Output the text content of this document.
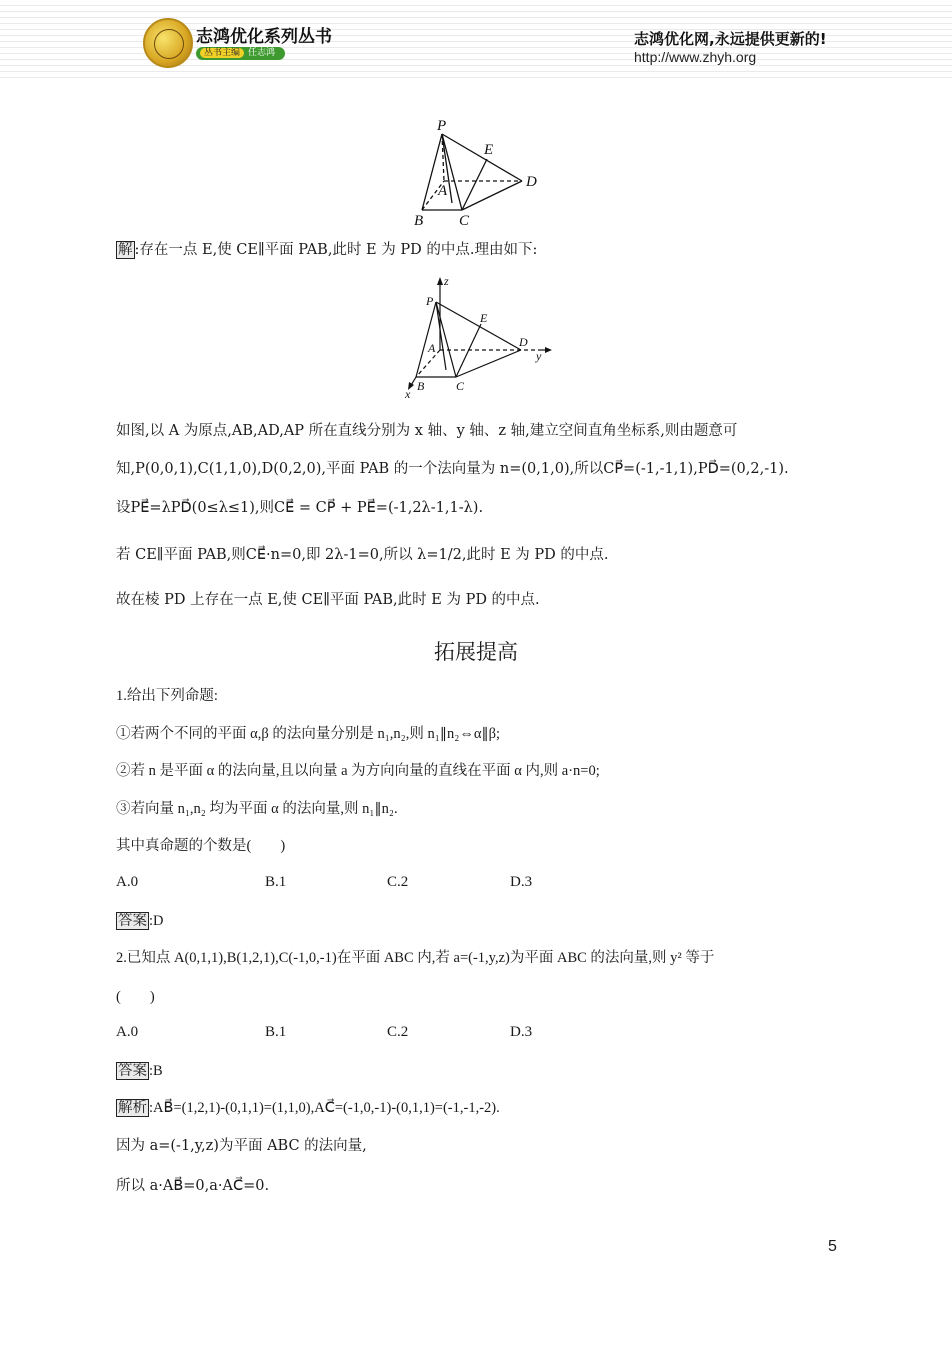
志鸿优化系列丛书
丛书主编 任志鸿
志鸿优化网,永远提供更新的!
http://www.zhyh.org
P
E
D
A
B C
解 :存在一点 E,使 CE∥平面 PAB,此时 E 为 PD 的中点.理由如下:
z
P
E
A	D
y
x
B	C
如图,以 A 为原点,AB,AD,AP 所在直线分别为 x 轴、y 轴、z 轴,建立空间直角坐标系,则由题意可
知,P(0,0,1),C(1,1,0),D(0,2,0),平面 PAB 的一个法向量为 n=(0,1,0),所以CP⃗=(-1,-1,1),PD⃗=(0,2,-1).
设PE⃗=λPD⃗(0≤λ≤1),则CE⃗ = CP⃗ + PE⃗=(-1,2λ-1,1-λ).
若 CE∥平面 PAB,则CE⃗·n=0,即 2λ-1=0,所以 λ=1/2,此时 E 为 PD 的中点.
故在棱 PD 上存在一点 E,使 CE∥平面 PAB,此时 E 为 PD 的中点.
拓展提高
1.给出下列命题:
①若两个不同的平面 α,β 的法向量分别是 n₁,n₂,则 n₁∥n₂⇔α∥β;
②若 n 是平面 α 的法向量,且以向量 a 为方向向量的直线在平面 α 内,则 a·n=0;
③若向量 n₁,n₂ 均为平面 α 的法向量,则 n₁∥n₂.
其中真命题的个数是(　　)
A.0	B.1	C.2	D.3
答案 :D
2.已知点 A(0,1,1),B(1,2,1),C(-1,0,-1)在平面 ABC 内,若 a=(-1,y,z)为平面 ABC 的法向量,则 y² 等于
(　　)
A.0	B.1	C.2	D.3
答案 :B
解析 :AB⃗=(1,2,1)-(0,1,1)=(1,1,0),AC⃗=(-1,0,-1)-(0,1,1)=(-1,-1,-2).
因为 a=(-1,y,z)为平面 ABC 的法向量,
所以 a·AB⃗=0,a·AC⃗=0.
5
